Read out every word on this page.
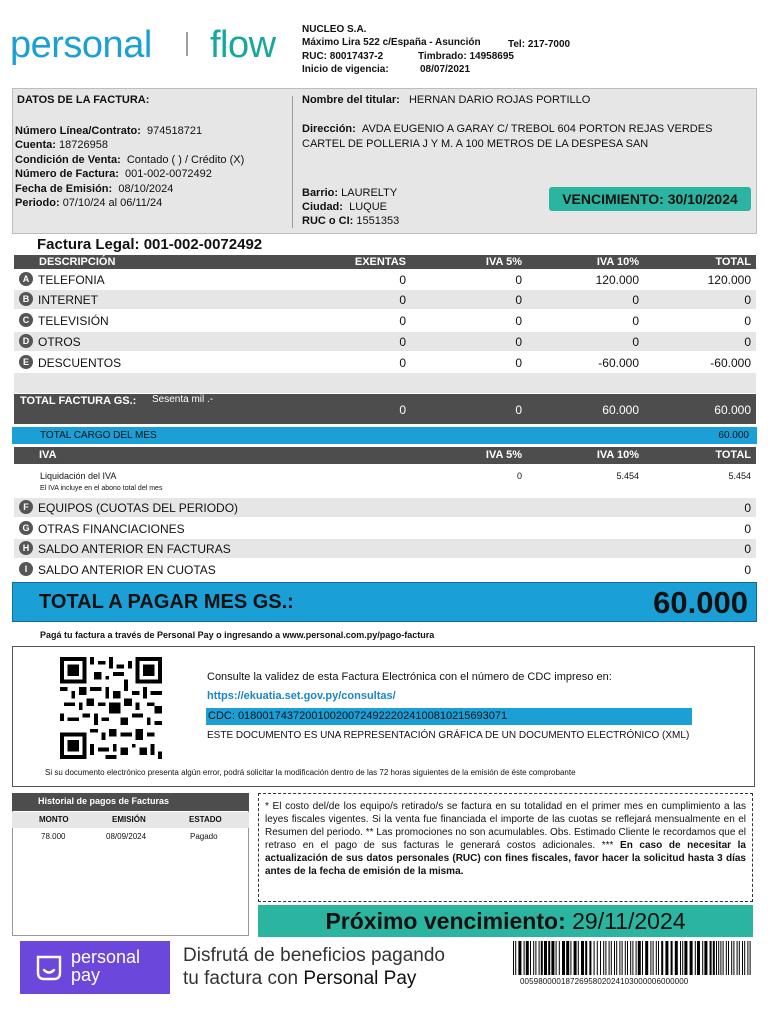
personal flow	NUCLEO S.A.
Máximo Lira 522 c/España - Asunción	Tel: 217-7000
RUC: 80017437-2	Timbrado: 14958695
Inicio de vigencia:	08/07/2021
DATOS DE LA FACTURA:
Número Línea/Contrato: 974518721
Cuenta: 18726958
Condición de Venta: Contado ( ) / Crédito (X)
Número de Factura: 001-002-0072492
Fecha de Emisión: 08/10/2024
Periodo: 07/10/24 al 06/11/24
Nombre del titular: HERNAN DARIO ROJAS PORTILLO
Dirección: AVDA EUGENIO A GARAY C/ TREBOL 604 PORTON REJAS VERDES
CARTEL DE POLLERIA J Y M. A 100 METROS DE LA DESPESA SAN
Barrio: LAURELTY
Ciudad: LUQUE
RUC o CI: 1551353
VENCIMIENTO: 30/10/2024
Factura Legal: 001-002-0072492
DESCRIPCIÓN	EXENTAS	IVA 5%	IVA 10%	TOTAL
A TELEFONIA	0	0	120.000	120.000
B INTERNET	0	0	0	0
C TELEVISIÓN	0	0	0	0
D OTROS	0	0	0	0
E DESCUENTOS	0	0	-60.000	-60.000
TOTAL FACTURA GS.: Sesenta mil .-
0	0	60.000	60.000
TOTAL CARGO DEL MES	60.000
IVA	IVA 5%	IVA 10%	TOTAL
Liquidación del IVA	0	5.454	5.454
El IVA incluye en el abono total del mes
F EQUIPOS (CUOTAS DEL PERIODO)	0
G OTRAS FINANCIACIONES	0
H SALDO ANTERIOR EN FACTURAS	0
I SALDO ANTERIOR EN CUOTAS	0
TOTAL A PAGAR MES GS.:	60.000
Pagá tu factura a través de Personal Pay o ingresando a www.personal.com.py/pago-factura
Consulte la validez de esta Factura Electrónica con el número de CDC impreso en:
https://ekuatia.set.gov.py/consultas/
CDC: 01800174372001002007249222024100810215693071
ESTE DOCUMENTO ES UNA REPRESENTACIÓN GRÁFICA DE UN DOCUMENTO ELECTRÓNICO (XML)
Si su documento electrónico presenta algún error, podrá solicitar la modificación dentro de las 72 horas siguientes de la emisión de éste comprobante
Historial de pagos de Facturas
MONTO	EMISIÓN	ESTADO
78.000	08/09/2024	Pagado
* El costo del/de los equipo/s retirado/s se factura en su totalidad en el primer mes en cumplimiento a las leyes fiscales vigentes. Si la venta fue financiada el importe de las cuotas se reflejará mensualmente en el Resumen del periodo. ** Las promociones no son acumulables. Obs. Estimado Cliente le recordamos que el retraso en el pago de sus facturas le generará costos adicionales. *** En caso de necesitar la actualización de sus datos personales (RUC) con fines fiscales, favor hacer la solicitud hasta 3 días antes de la fecha de emisión de la misma.
Próximo vencimiento: 29/11/2024
personal
pay
Disfrutá de beneficios pagando
tu factura con Personal Pay	0059800001872695802024103000006000000
